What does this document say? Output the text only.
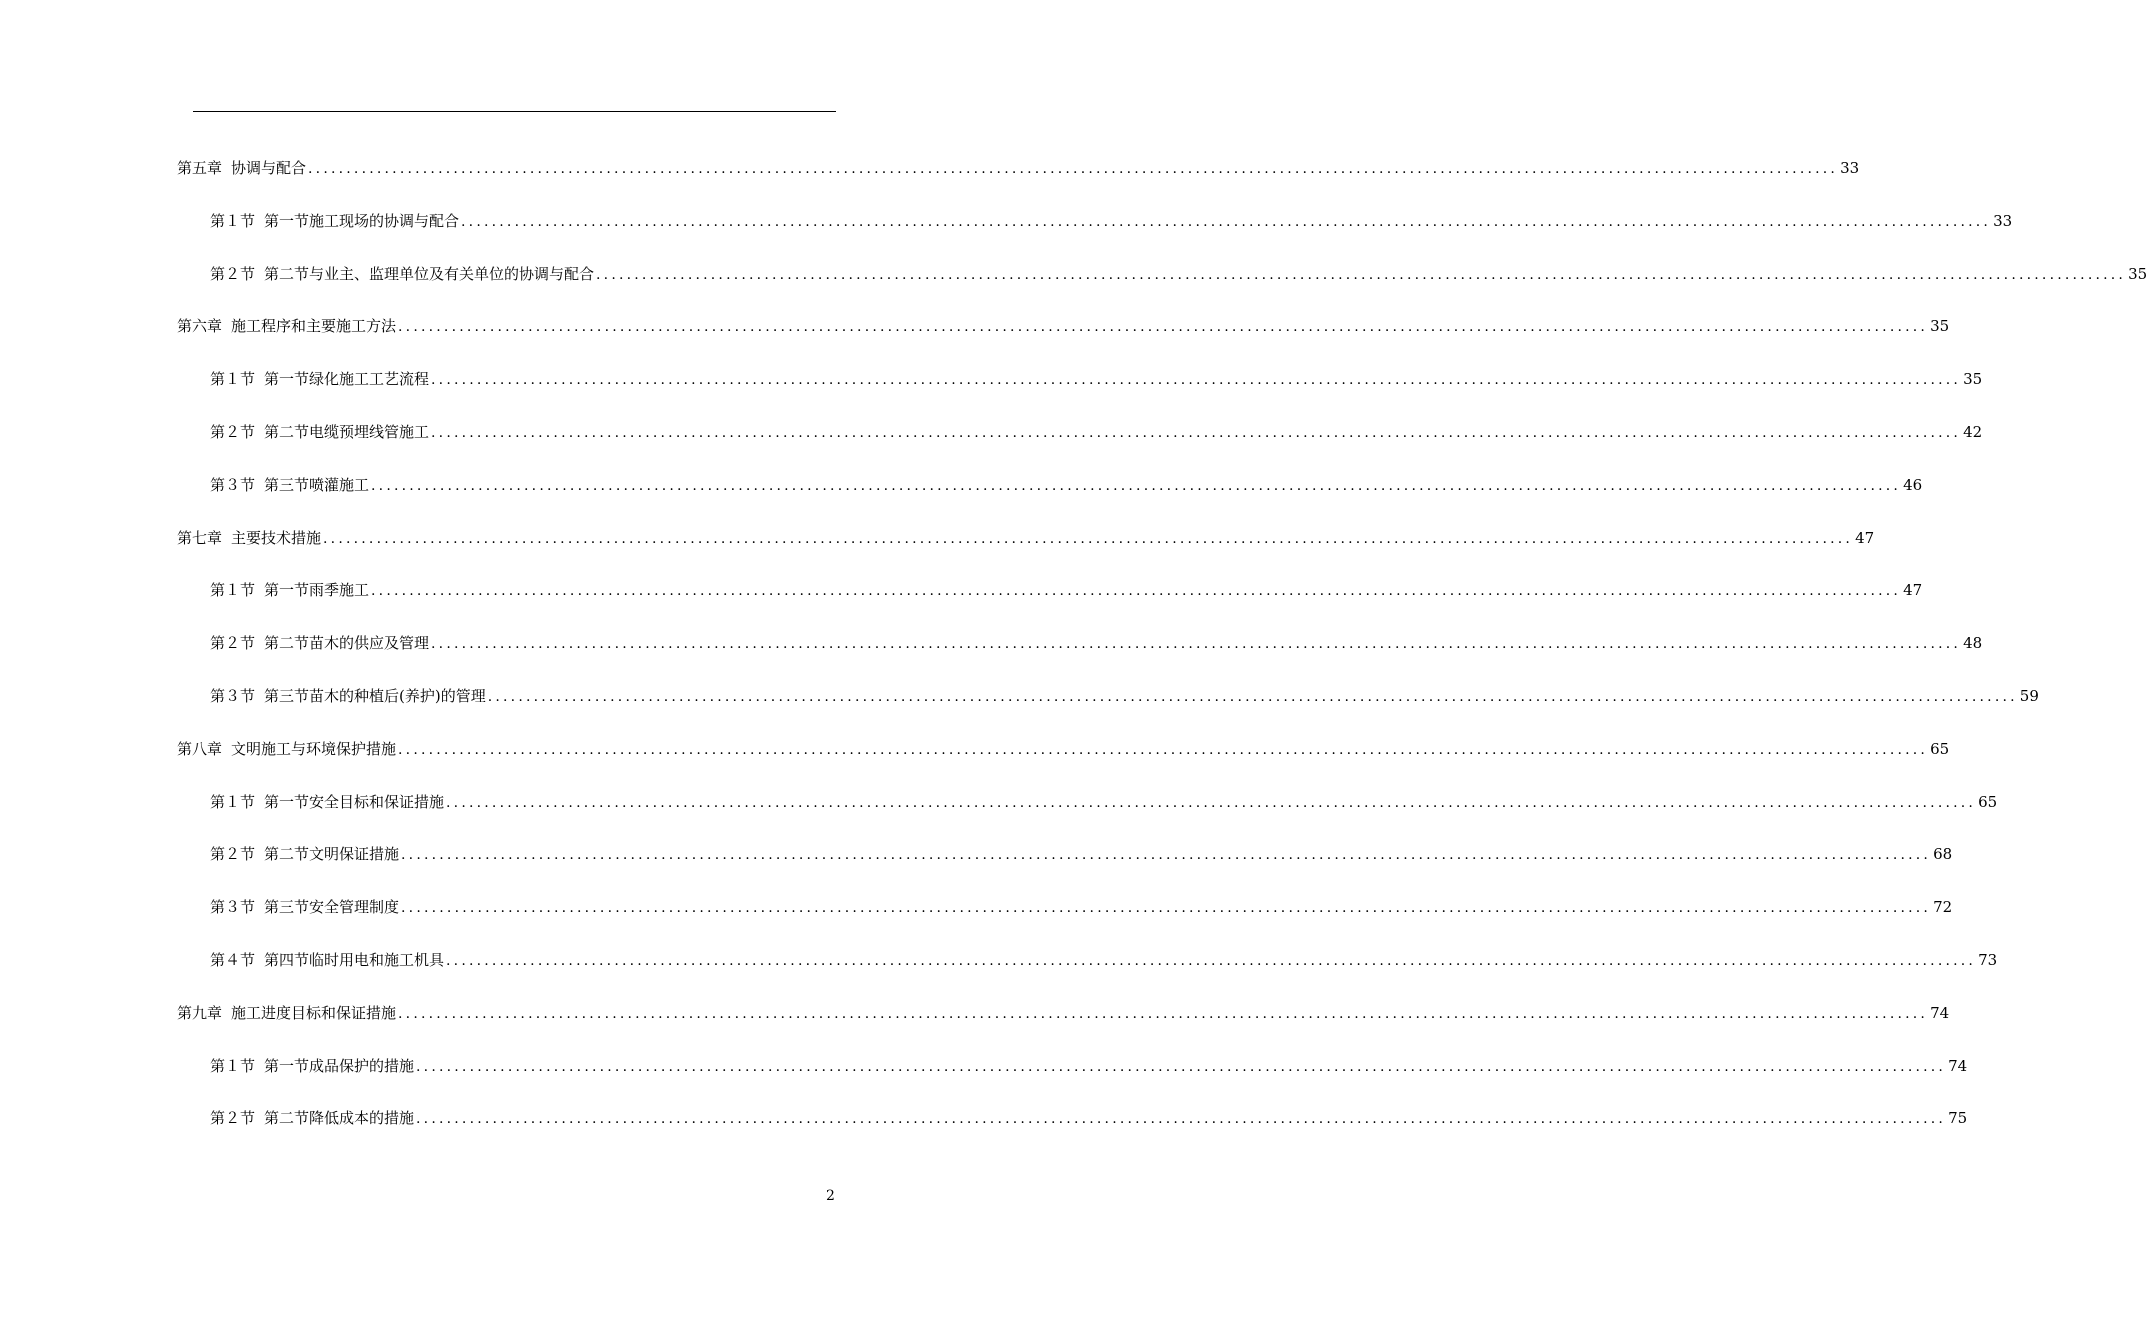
第五章 协调与配合 ........................................................................................................................................................................................................ 33
第１节 第一节施工现场的协调与配合 ........................................................................................................................................................................................................ 33
第２节 第二节与业主、监理单位及有关单位的协调与配合 ........................................................................................................................................................................................................ 35
第六章 施工程序和主要施工方法 ........................................................................................................................................................................................................ 35
第１节 第一节绿化施工工艺流程 ........................................................................................................................................................................................................ 35
第２节 第二节电缆预埋线管施工 ........................................................................................................................................................................................................ 42
第３节 第三节喷灌施工 ........................................................................................................................................................................................................ 46
第七章 主要技术措施 ........................................................................................................................................................................................................ 47
第１节 第一节雨季施工 ........................................................................................................................................................................................................ 47
第２节 第二节苗木的供应及管理 ........................................................................................................................................................................................................ 48
第３节 第三节苗木的种植后(养护)的管理 ........................................................................................................................................................................................................ 59
第八章 文明施工与环境保护措施 ........................................................................................................................................................................................................ 65
第１节 第一节安全目标和保证措施 ........................................................................................................................................................................................................ 65
第２节 第二节文明保证措施 ........................................................................................................................................................................................................ 68
第３节 第三节安全管理制度 ........................................................................................................................................................................................................ 72
第４节 第四节临时用电和施工机具 ........................................................................................................................................................................................................ 73
第九章 施工进度目标和保证措施 ........................................................................................................................................................................................................ 74
第１节 第一节成品保护的措施 ........................................................................................................................................................................................................ 74
第２节 第二节降低成本的措施 ........................................................................................................................................................................................................ 75
2
